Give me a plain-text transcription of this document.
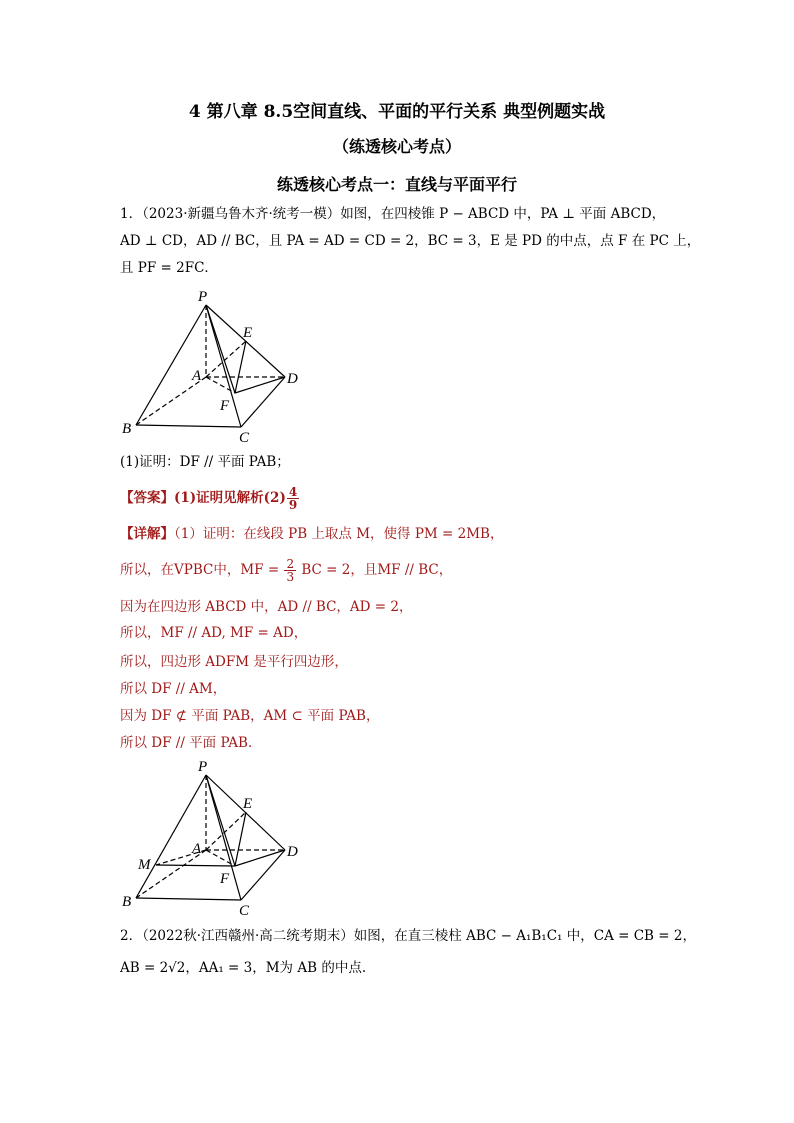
4 第八章 8.5空间直线、平面的平行关系 典型例题实战
（练透核心考点）
练透核心考点一：直线与平面平行
1．（2023·新疆乌鲁木齐·统考一模）如图，在四棱锥 P − ABCD 中，PA ⊥ 平面 ABCD，
AD ⊥ CD，AD // BC，且 PA = AD = CD = 2，BC = 3，E 是 PD 的中点，点 F 在 PC 上，
且 PF = 2FC．
P
E
A	D
F
B
C
(1)证明：DF // 平面 PAB；
【答案】(1)证明见解析$(2) \frac{4}{9}$
【详解】（1）证明：在线段 PB 上取点 M，使得 PM = 2MB，
所以，在VPBC中，MF = $\frac{2}{3}$ BC = 2，且MF // BC，
因为在四边形 ABCD 中，AD // BC，AD = 2，
所以，MF // AD, MF = AD，
所以，四边形 ADFM 是平行四边形，
所以 DF // AM，
因为 DF ⊄ 平面 PAB，AM ⊂ 平面 PAB，
所以 DF // 平面 PAB．
P
E
M
A	D
F
B
C
2．（2022秋·江西赣州·高二统考期末）如图，在直三棱柱 ABC − A₁B₁C₁ 中，CA = CB = 2，
AB = 2√2，AA₁ = 3，M为 AB 的中点.
